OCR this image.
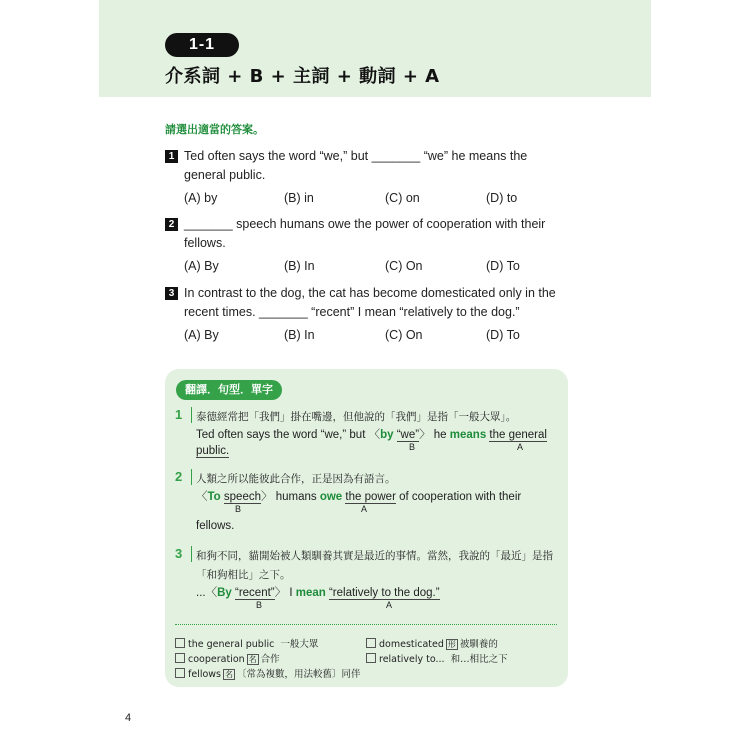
1-1
介系詞 + B + 主詞 + 動詞 + A
請選出適當的答案。
1 Ted often says the word “we,” but _______ “we” he means the
general public.
(A) by	(B) in	(C) on	(D) to
2 _______ speech humans owe the power of cooperation with their
fellows.
(A) By	(B) In	(C) On	(D) To
3 In contrast to the dog, the cat has become domesticated only in the
recent times. _______ “recent” I mean “relatively to the dog.”
(A) By	(B) In	(C) On	(D) To
翻譯．句型．單字
1	泰德經常把「我們」掛在嘴邊，但他說的「我們」是指「一般大眾」。
Ted often says the word “we,” but 〈by “we”〉 he means the general
public.	B	A
2	人類之所以能彼此合作，正是因為有語言。
〈To speech〉 humans owe the power of cooperation with their
B	A
fellows.
3	和狗不同，貓開始被人類馴養其實是最近的事情。當然，我說的「最近」是指
「和狗相比」之下。
...〈By “recent”〉 I mean “relatively to the dog.”
B	A
the general public 一般大眾	domesticated 形 被馴養的
cooperation 名 合作	relatively to... 和…相比之下
fellows 名 〔常為複數，用法較舊〕同伴
4
